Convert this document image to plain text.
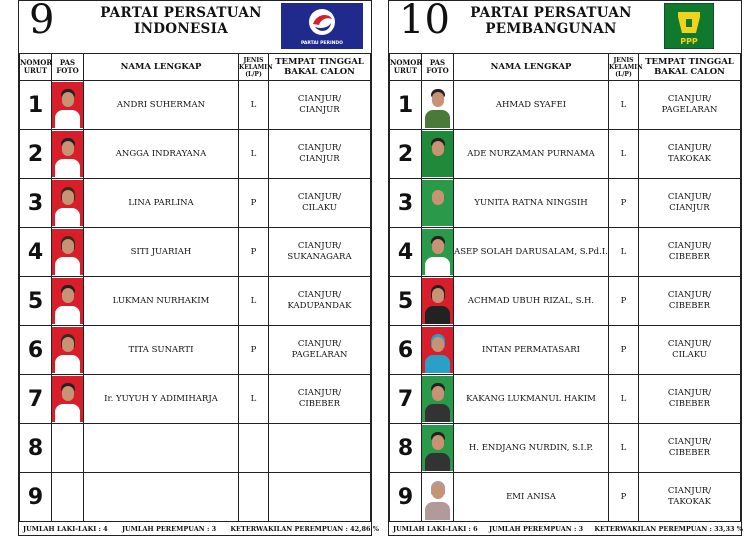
9	PARTAI PERSATUAN
INDONESIA
PARTAI PERINDO
NOMOR
URUT	PAS
FOTO	NAMA LENGKAP	JENIS
KELAMIN
(L/P)	TEMPAT TINGGAL
BAKAL CALON
1		ANDRI SUHERMAN	L	CIANJUR/
CIANJUR

2		ANGGA INDRAYANA	L	CIANJUR/
CIANJUR

3		LINA PARLINA	P	CIANJUR/
CILAKU

4		SITI JUARIAH	P	CIANJUR/
SUKANAGARA

5		LUKMAN NURHAKIM	L	CIANJUR/
KADUPANDAK

6		TITA SUNARTI	P	CIANJUR/
PAGELARAN

7		Ir. YUYUH Y ADIMIHARJA	L	CIANJUR/
CIBEBER

8				

9				
JUMLAH LAKI-LAKI : 4 JUMLAH PEREMPUAN : 3 KETERWAKILAN PEREMPUAN : 42,86 %
10	PARTAI PERSATUAN
PEMBANGUNAN
PPP
NOMOR
URUT	PAS
FOTO	NAMA LENGKAP	JENIS
KELAMIN
(L/P)	TEMPAT TINGGAL
BAKAL CALON
1		AHMAD SYAFEI	L	CIANJUR/
PAGELARAN

2		ADE NURZAMAN PURNAMA	L	CIANJUR/
TAKOKAK

3		YUNITA RATNA NINGSIH	P	CIANJUR/
CIANJUR

4		ASEP SOLAH DARUSALAM, S.Pd.I.	L	CIANJUR/
CIBEBER

5		ACHMAD UBUH RIZAL, S.H.	P	CIANJUR/
CIBEBER

6		INTAN PERMATASARI	P	CIANJUR/
CILAKU

7		KAKANG LUKMANUL HAKIM	L	CIANJUR/
CIBEBER

8		H. ENDJANG NURDIN, S.I.P.	L	CIANJUR/
CIBEBER

9		EMI ANISA	P	CIANJUR/
TAKOKAK
JUMLAH LAKI-LAKI : 6 JUMLAH PEREMPUAN : 3 KETERWAKILAN PEREMPUAN : 33,33 %
